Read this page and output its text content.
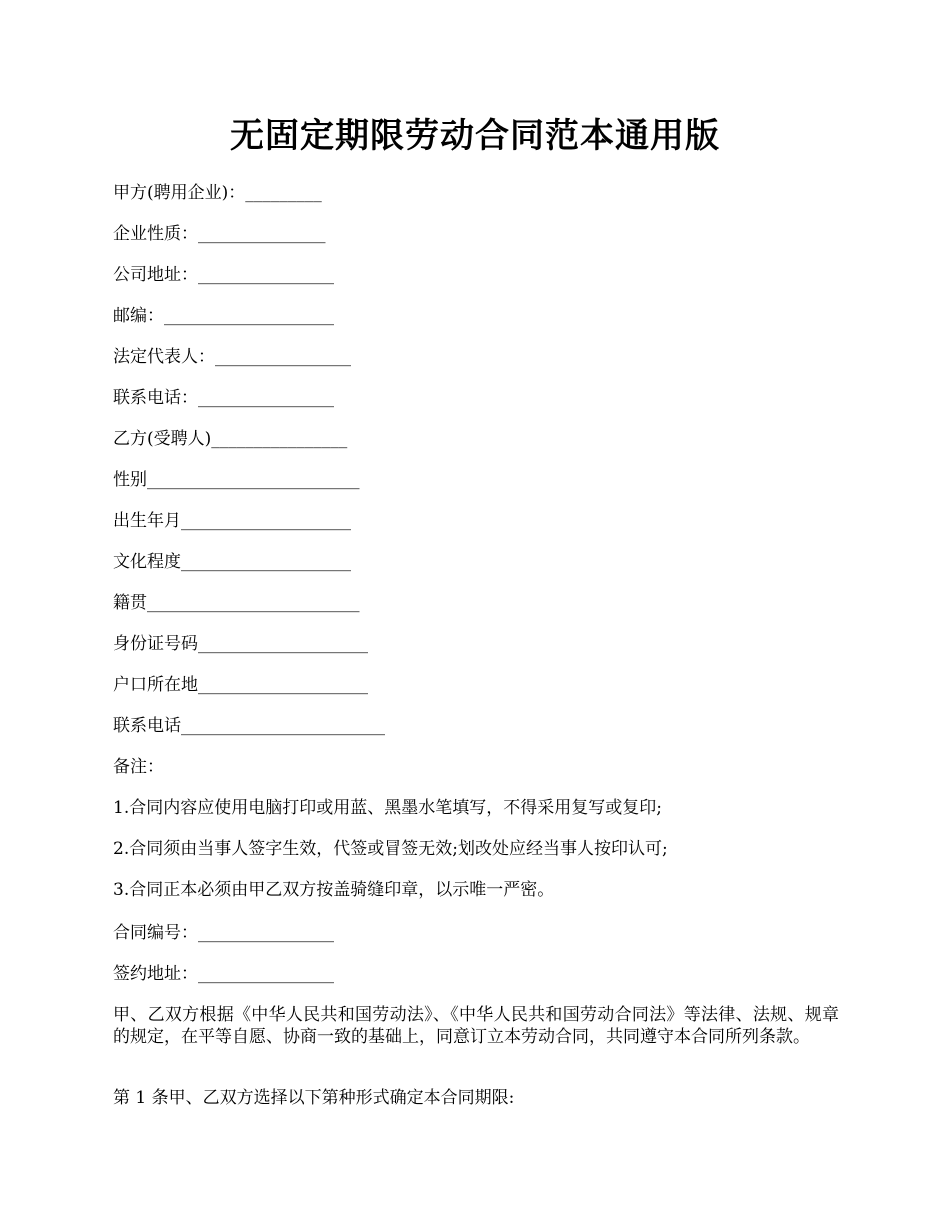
无固定期限劳动合同范本通用版

甲方(聘用企业)：_________

企业性质：_______________

公司地址：________________

邮编：____________________

法定代表人：________________

联系电话：________________

乙方(受聘人)________________

性别_________________________

出生年月____________________

文化程度____________________

籍贯_________________________

身份证号码____________________

户口所在地____________________

联系电话________________________

备注：

1.合同内容应使用电脑打印或用蓝、黑墨水笔填写，不得采用复写或复印;

2.合同须由当事人签字生效，代签或冒签无效;划改处应经当事人按印认可;

3.合同正本必须由甲乙双方按盖骑缝印章，以示唯一严密。

合同编号：________________

签约地址：________________

甲、乙双方根据《中华人民共和国劳动法》、《中华人民共和国劳动合同法》等法律、法规、规章的规定，在平等自愿、协商一致的基础上，同意订立本劳动合同，共同遵守本合同所列条款。

第 1 条甲、乙双方选择以下第种形式确定本合同期限:
